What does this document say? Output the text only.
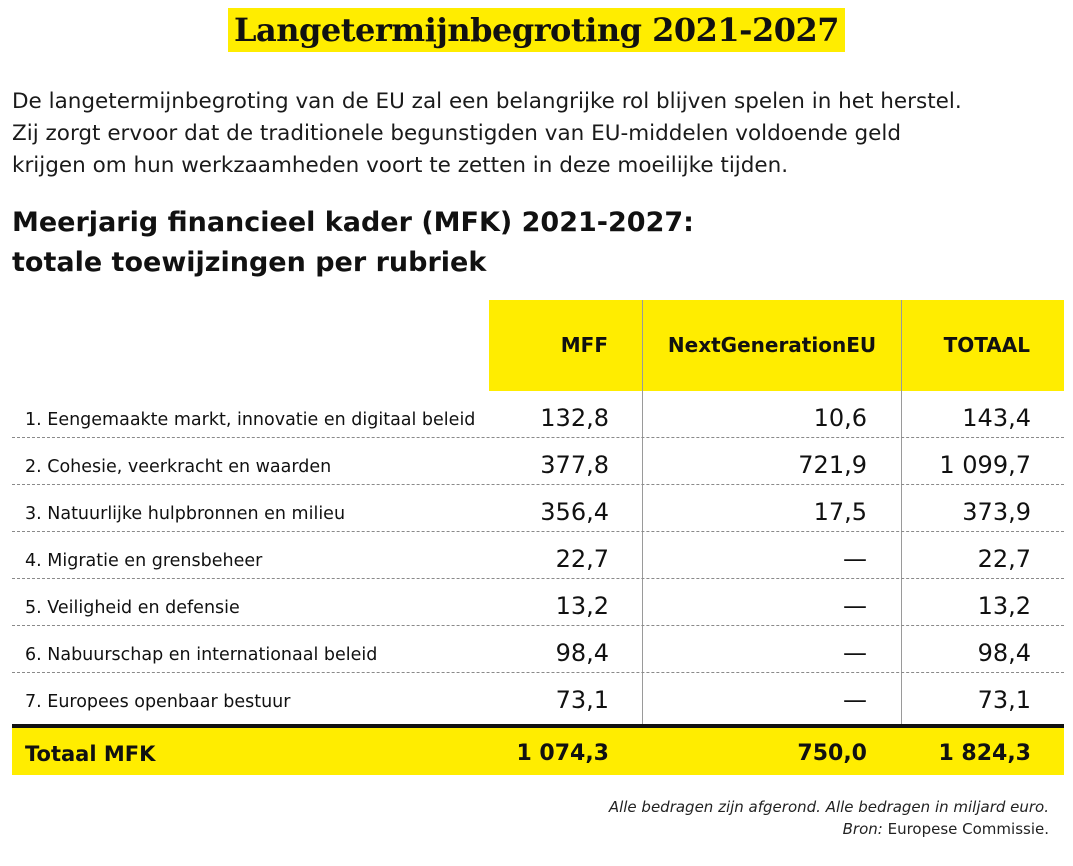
Langetermijnbegroting 2021-2027
De langetermijnbegroting van de EU zal een belangrijke rol blijven spelen in het herstel.
Zij zorgt ervoor dat de traditionele begunstigden van EU-middelen voldoende geld
krijgen om hun werkzaamheden voort te zetten in deze moeilijke tijden.
Meerjarig financieel kader (MFK) 2021-2027:
totale toewijzingen per rubriek
MFF	NextGenerationEU	TOTAAL
1. Eengemaakte markt, innovatie en digitaal beleid	132,8	10,6	143,4
2. Cohesie, veerkracht en waarden	377,8	721,9	1 099,7
3. Natuurlijke hulpbronnen en milieu	356,4	17,5	373,9
4. Migratie en grensbeheer	22,7	—	22,7
5. Veiligheid en defensie	13,2	—	13,2
6. Nabuurschap en internationaal beleid	98,4	—	98,4
7. Europees openbaar bestuur	73,1	—	73,1
Totaal MFK	1 074,3	750,0	1 824,3
Alle bedragen zijn afgerond. Alle bedragen in miljard euro.
Bron: Europese Commissie.
